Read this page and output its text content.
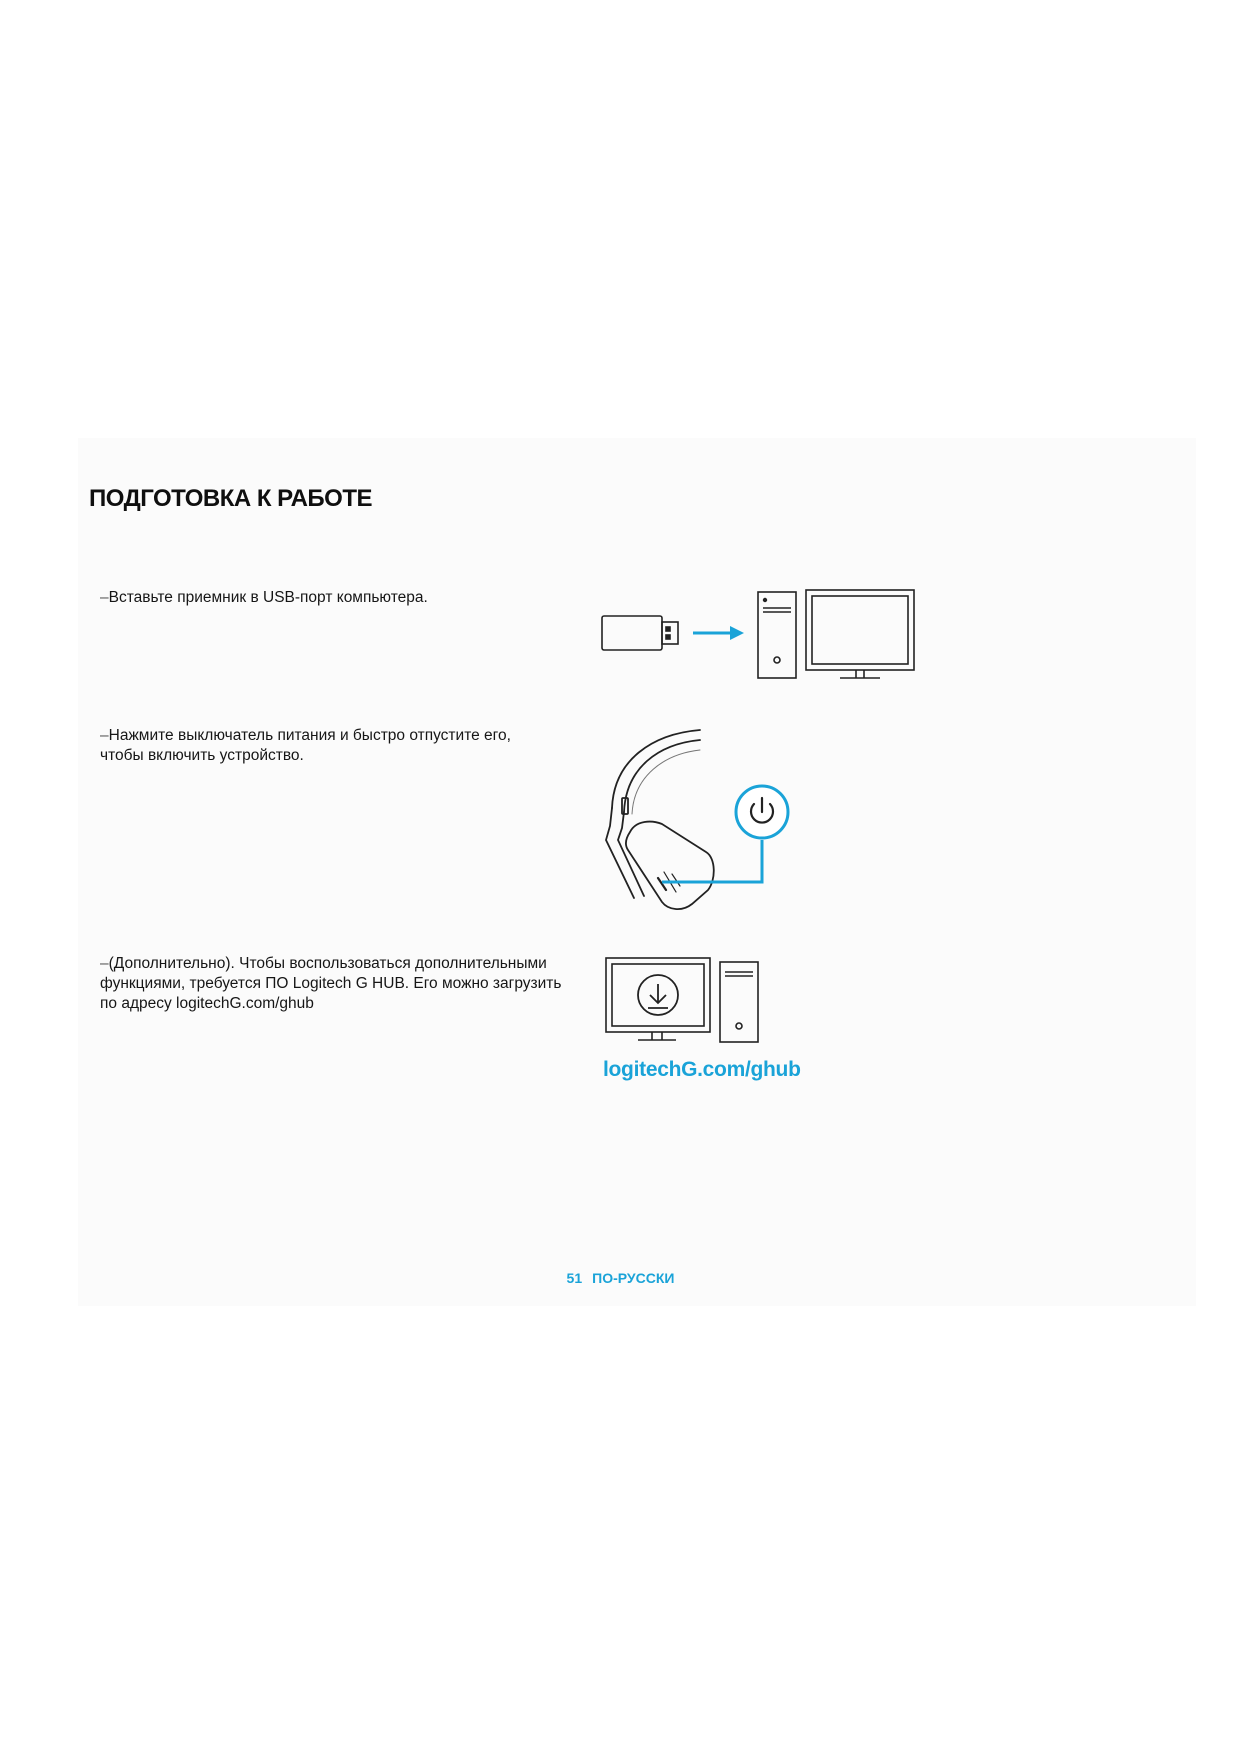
ПОДГОТОВКА К РАБОТЕ

–Вставьте приемник в USB-порт компьютера.

–Нажмите выключатель питания и быстро отпустите его,
чтобы включить устройство.

–(Дополнительно). Чтобы воспользоваться дополнительными
функциями, требуется ПО Logitech G HUB. Его можно загрузить
по адресу logitechG.com/ghub

logitechG.com/ghub
51 ПО-РУССКИ
